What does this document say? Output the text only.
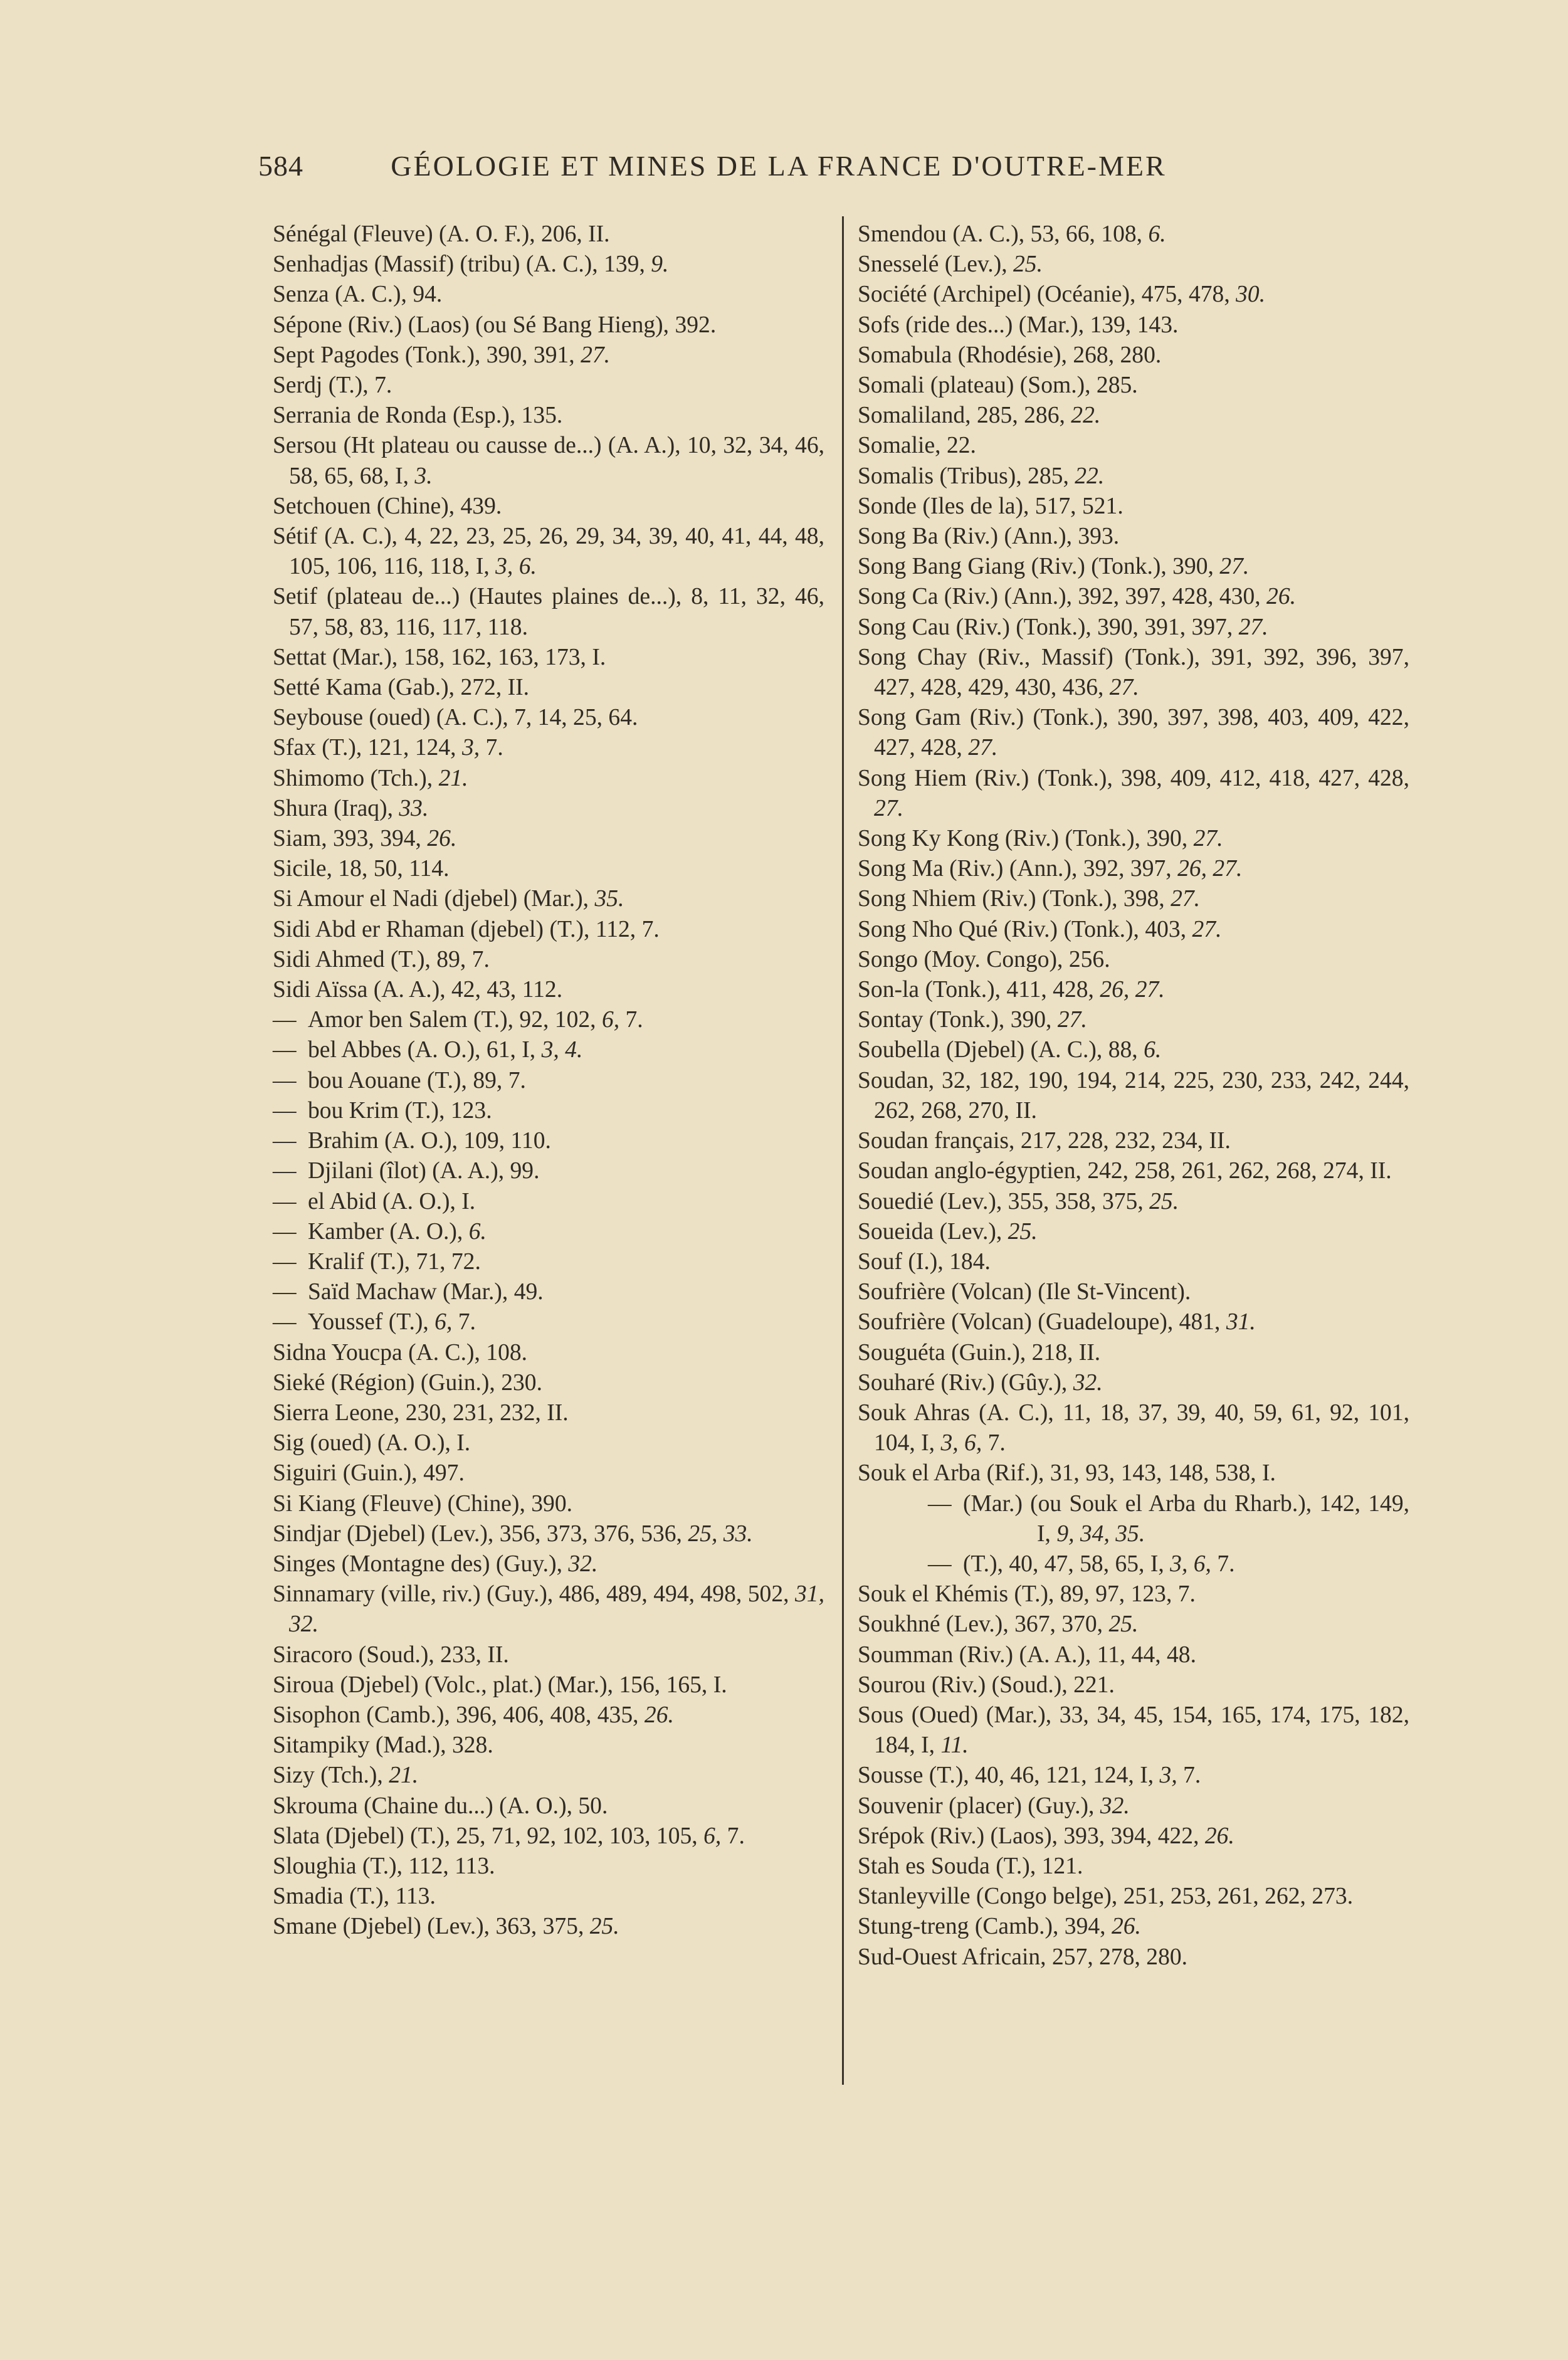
584	GÉOLOGIE ET MINES DE LA FRANCE D'OUTRE-MER
Sénégal (Fleuve) (A. O. F.), 206, II.
Senhadjas (Massif) (tribu) (A. C.), 139, 9.
Senza (A. C.), 94.
Sépone (Riv.) (Laos) (ou Sé Bang Hieng), 392.
Sept Pagodes (Tonk.), 390, 391, 27.
Serdj (T.), 7.
Serrania de Ronda (Esp.), 135.
Sersou (Ht plateau ou causse de...) (A. A.), 10, 32, 34, 46, 58, 65, 68, I, 3.
Setchouen (Chine), 439.
Sétif (A. C.), 4, 22, 23, 25, 26, 29, 34, 39, 40, 41, 44, 48, 105, 106, 116, 118, I, 3, 6.
Setif (plateau de...) (Hautes plaines de...), 8, 11, 32, 46, 57, 58, 83, 116, 117, 118.
Settat (Mar.), 158, 162, 163, 173, I.
Setté Kama (Gab.), 272, II.
Seybouse (oued) (A. C.), 7, 14, 25, 64.
Sfax (T.), 121, 124, 3, 7.
Shimomo (Tch.), 21.
Shura (Iraq), 33.
Siam, 393, 394, 26.
Sicile, 18, 50, 114.
Si Amour el Nadi (djebel) (Mar.), 35.
Sidi Abd er Rhaman (djebel) (T.), 112, 7.
Sidi Ahmed (T.), 89, 7.
Sidi Aïssa (A. A.), 42, 43, 112.
— Amor ben Salem (T.), 92, 102, 6, 7.
— bel Abbes (A. O.), 61, I, 3, 4.
— bou Aouane (T.), 89, 7.
— bou Krim (T.), 123.
— Brahim (A. O.), 109, 110.
— Djilani (îlot) (A. A.), 99.
— el Abid (A. O.), I.
— Kamber (A. O.), 6.
— Kralif (T.), 71, 72.
— Saïd Machaw (Mar.), 49.
— Youssef (T.), 6, 7.
Sidna Youcpa (A. C.), 108.
Sieké (Région) (Guin.), 230.
Sierra Leone, 230, 231, 232, II.
Sig (oued) (A. O.), I.
Siguiri (Guin.), 497.
Si Kiang (Fleuve) (Chine), 390.
Sindjar (Djebel) (Lev.), 356, 373, 376, 536, 25, 33.
Singes (Montagne des) (Guy.), 32.
Sinnamary (ville, riv.) (Guy.), 486, 489, 494, 498, 502, 31, 32.
Siracoro (Soud.), 233, II.
Siroua (Djebel) (Volc., plat.) (Mar.), 156, 165, I.
Sisophon (Camb.), 396, 406, 408, 435, 26.
Sitampiky (Mad.), 328.
Sizy (Tch.), 21.
Skrouma (Chaine du...) (A. O.), 50.
Slata (Djebel) (T.), 25, 71, 92, 102, 103, 105, 6, 7.
Sloughia (T.), 112, 113.
Smadia (T.), 113.
Smane (Djebel) (Lev.), 363, 375, 25.
Smendou (A. C.), 53, 66, 108, 6.
Snesselé (Lev.), 25.
Société (Archipel) (Océanie), 475, 478, 30.
Sofs (ride des...) (Mar.), 139, 143.
Somabula (Rhodésie), 268, 280.
Somali (plateau) (Som.), 285.
Somaliland, 285, 286, 22.
Somalie, 22.
Somalis (Tribus), 285, 22.
Sonde (Iles de la), 517, 521.
Song Ba (Riv.) (Ann.), 393.
Song Bang Giang (Riv.) (Tonk.), 390, 27.
Song Ca (Riv.) (Ann.), 392, 397, 428, 430, 26.
Song Cau (Riv.) (Tonk.), 390, 391, 397, 27.
Song Chay (Riv., Massif) (Tonk.), 391, 392, 396, 397, 427, 428, 429, 430, 436, 27.
Song Gam (Riv.) (Tonk.), 390, 397, 398, 403, 409, 422, 427, 428, 27.
Song Hiem (Riv.) (Tonk.), 398, 409, 412, 418, 427, 428, 27.
Song Ky Kong (Riv.) (Tonk.), 390, 27.
Song Ma (Riv.) (Ann.), 392, 397, 26, 27.
Song Nhiem (Riv.) (Tonk.), 398, 27.
Song Nho Qué (Riv.) (Tonk.), 403, 27.
Songo (Moy. Congo), 256.
Son-la (Tonk.), 411, 428, 26, 27.
Sontay (Tonk.), 390, 27.
Soubella (Djebel) (A. C.), 88, 6.
Soudan, 32, 182, 190, 194, 214, 225, 230, 233, 242, 244, 262, 268, 270, II.
Soudan français, 217, 228, 232, 234, II.
Soudan anglo-égyptien, 242, 258, 261, 262, 268, 274, II.
Souedié (Lev.), 355, 358, 375, 25.
Soueida (Lev.), 25.
Souf (I.), 184.
Soufrière (Volcan) (Ile St-Vincent).
Soufrière (Volcan) (Guadeloupe), 481, 31.
Souguéta (Guin.), 218, II.
Souharé (Riv.) (Gûy.), 32.
Souk Ahras (A. C.), 11, 18, 37, 39, 40, 59, 61, 92, 101, 104, I, 3, 6, 7.
Souk el Arba (Rif.), 31, 93, 143, 148, 538, I.
— (Mar.) (ou Souk el Arba du Rharb.), 142, 149, I, 9, 34, 35.
— (T.), 40, 47, 58, 65, I, 3, 6, 7.
Souk el Khémis (T.), 89, 97, 123, 7.
Soukhné (Lev.), 367, 370, 25.
Soumman (Riv.) (A. A.), 11, 44, 48.
Sourou (Riv.) (Soud.), 221.
Sous (Oued) (Mar.), 33, 34, 45, 154, 165, 174, 175, 182, 184, I, 11.
Sousse (T.), 40, 46, 121, 124, I, 3, 7.
Souvenir (placer) (Guy.), 32.
Srépok (Riv.) (Laos), 393, 394, 422, 26.
Stah es Souda (T.), 121.
Stanleyville (Congo belge), 251, 253, 261, 262, 273.
Stung-treng (Camb.), 394, 26.
Sud-Ouest Africain, 257, 278, 280.
